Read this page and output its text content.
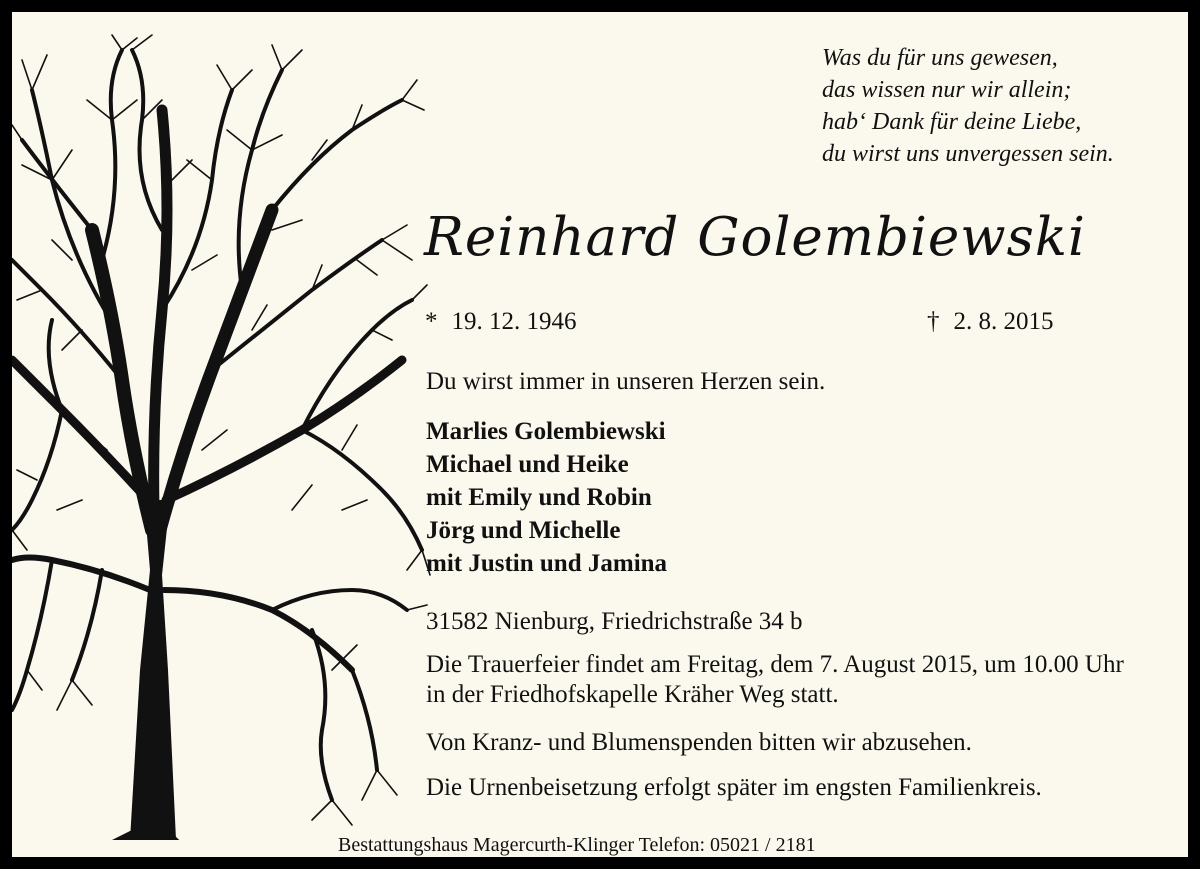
Was du für uns gewesen,
das wissen nur wir allein;
hab‘ Dank für deine Liebe,
du wirst uns unvergessen sein.
Reinhard Golembiewski
* 19. 12. 1946	† 2. 8. 2015
Du wirst immer in unseren Herzen sein.
Marlies Golembiewski
Michael und Heike
mit Emily und Robin
Jörg und Michelle
mit Justin und Jamina
31582 Nienburg, Friedrichstraße 34 b
Die Trauerfeier findet am Freitag, dem 7. August 2015, um 10.00 Uhr
in der Friedhofskapelle Kräher Weg statt.
Von Kranz- und Blumenspenden bitten wir abzusehen.
Die Urnenbeisetzung erfolgt später im engsten Familienkreis.
Bestattungshaus Magercurth-Klinger Telefon: 05021 / 2181
